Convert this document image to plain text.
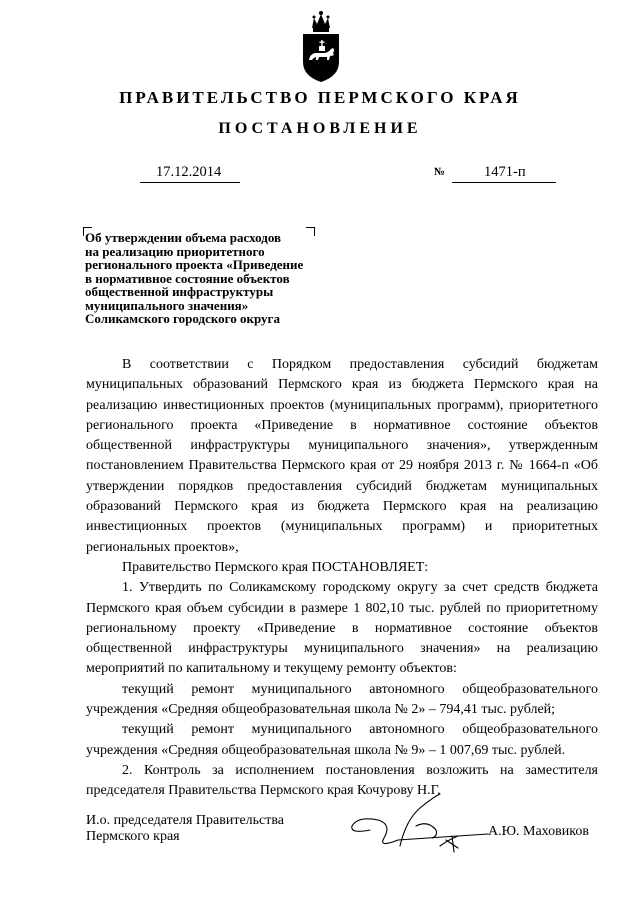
ПРАВИТЕЛЬСТВО ПЕРМСКОГО КРАЯ
ПОСТАНОВЛЕНИЕ
17.12.2014	№	1471-п
Об утверждении объема расходов
на реализацию приоритетного
регионального проекта «Приведение
в нормативное состояние объектов
общественной инфраструктуры
муниципального значения»
Соликамского городского округа

В соответствии с Порядком предоставления субсидий бюджетам муниципальных образований Пермского края из бюджета Пермского края на реализацию инвестиционных проектов (муниципальных программ), приоритетного регионального проекта «Приведение в нормативное состояние объектов общественной инфраструктуры муниципального значения», утвержденным постановлением Правительства Пермского края от 29 ноября 2013 г. № 1664-п «Об утверждении порядков предоставления субсидий бюджетам муниципальных образований Пермского края из бюджета Пермского края на реализацию инвестиционных проектов (муниципальных программ) и приоритетных региональных проектов»,

Правительство Пермского края ПОСТАНОВЛЯЕТ:

1. Утвердить по Соликамскому городскому округу за счет средств бюджета Пермского края объем субсидии в размере 1 802,10 тыс. рублей по приоритетному региональному проекту «Приведение в нормативное состояние объектов общественной инфраструктуры муниципального значения» на реализацию мероприятий по капитальному и текущему ремонту объектов:

текущий ремонт муниципального автономного общеобразовательного учреждения «Средняя общеобразовательная школа № 2» – 794,41 тыс. рублей;

текущий ремонт муниципального автономного общеобразовательного учреждения «Средняя общеобразовательная школа № 9» – 1 007,69 тыс. рублей.

2. Контроль за исполнением постановления возложить на заместителя председателя Правительства Пермского края Кочурову Н.Г.

И.о. председателя Правительства
Пермского края	А.Ю. Маховиков
